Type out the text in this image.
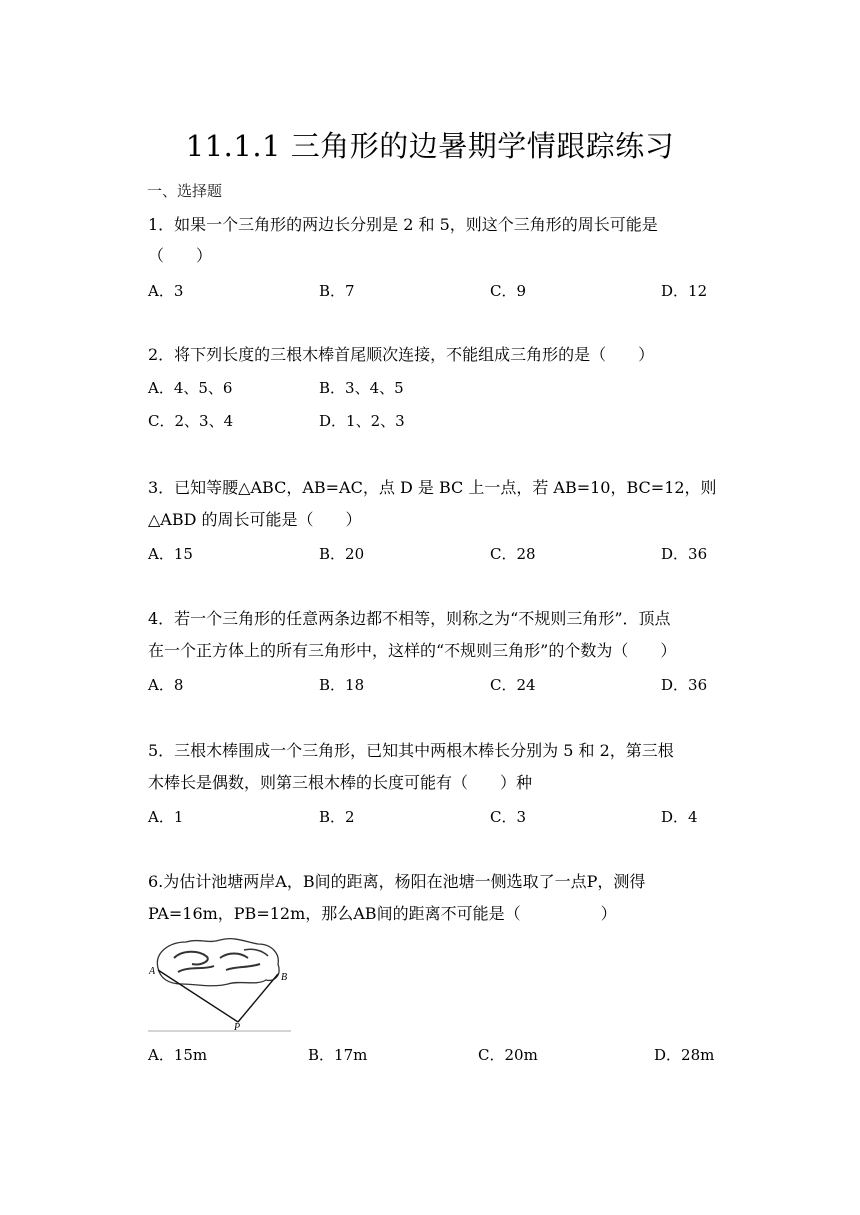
11.1.1 三角形的边暑期学情跟踪练习
一、选择题
1．如果一个三角形的两边长分别是 2 和 5，则这个三角形的周长可能是
（　　）
A．3	B．7	C．9	D．12
2．将下列长度的三根木棒首尾顺次连接，不能组成三角形的是（　　）
A．4、5、6	B．3、4、5
C．2、3、4	D．1、2、3
3．已知等腰△ABC，AB=AC，点 D 是 BC 上一点，若 AB=10，BC=12，则
△ABD 的周长可能是（　　）
A．15	B．20	C．28	D．36
4．若一个三角形的任意两条边都不相等，则称之为“不规则三角形”．顶点
在一个正方体上的所有三角形中，这样的“不规则三角形”的个数为（　　）
A．8	B．18	C．24	D．36
5．三根木棒围成一个三角形，已知其中两根木棒长分别为 5 和 2，第三根
木棒长是偶数，则第三根木棒的长度可能有（　　）种
A．1	B．2	C．3	D．4
6.为估计池塘两岸A，B间的距离，杨阳在池塘一侧选取了一点P，测得
PA=16m，PB=12m，那么AB间的距离不可能是（　　　　　）
A
B
P
A．15m	B．17m	C．20m	D．28m
